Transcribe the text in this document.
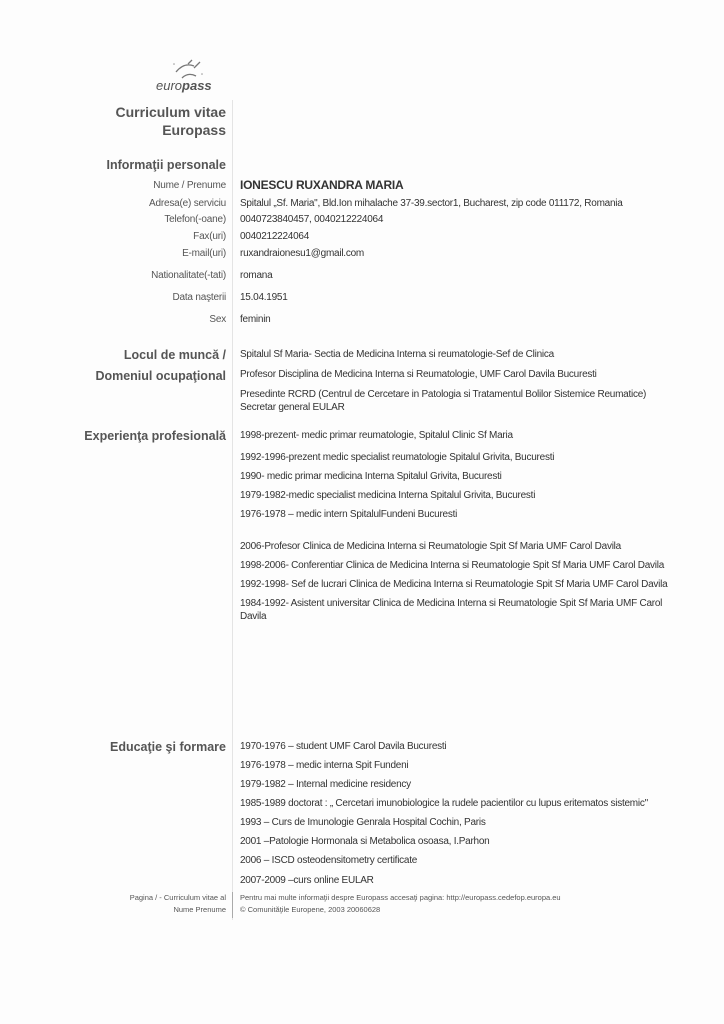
europass
Curriculum vitae
Europass
Informaţii personale
Nume / Prenume IONESCU RUXANDRA MARIA
Adresa(e) serviciu Spitalul „Sf. Maria", Bld.Ion mihalache 37-39.sector1, Bucharest, zip code 011172, Romania
Telefon(-oane) 0040723840457, 0040212224064
Fax(uri) 0040212224064
E-mail(uri) ruxandraionesu1@gmail.com
Nationalitate(-tati) romana
Data naşterii 15.04.1951
Sex feminin
Locul de muncă /
Domeniul ocupaţional
Spitalul Sf Maria- Sectia de Medicina Interna si reumatologie-Sef de Clinica
Profesor Disciplina de Medicina Interna si Reumatologie, UMF Carol Davila Bucuresti
Presedinte RCRD (Centrul de Cercetare in Patologia si Tratamentul Bolilor Sistemice Reumatice)
Secretar general EULAR
Experienţa profesională 1998-prezent- medic primar reumatologie, Spitalul Clinic Sf Maria
1992-1996-prezent medic specialist reumatologie Spitalul Grivita, Bucuresti
1990- medic primar medicina Interna Spitalul Grivita, Bucuresti
1979-1982-medic specialist medicina Interna Spitalul Grivita, Bucuresti
1976-1978 – medic intern SpitalulFundeni Bucuresti
2006-Profesor Clinica de Medicina Interna si Reumatologie Spit Sf Maria UMF Carol Davila
1998-2006- Conferentiar Clinica de Medicina Interna si Reumatologie Spit Sf Maria UMF Carol Davila
1992-1998- Sef de lucrari Clinica de Medicina Interna si Reumatologie Spit Sf Maria UMF Carol Davila
1984-1992- Asistent universitar Clinica de Medicina Interna si Reumatologie Spit Sf Maria UMF Carol
Davila
Educaţie şi formare 1970-1976 – student UMF Carol Davila Bucuresti
1976-1978 – medic interna Spit Fundeni
1979-1982 – Internal medicine residency
1985-1989 doctorat : „ Cercetari imunobiologice la rudele pacientilor cu lupus eritematos sistemic"
1993 – Curs de Imunologie Genrala Hospital Cochin, Paris
2001 –Patologie Hormonala si Metabolica osoasa, I.Parhon
2006 – ISCD osteodensitometry certificate
2007-2009 –curs online EULAR
Pagina / - Curriculum vitae al
Nume Prenume
Pentru mai multe informaţii despre Europass accesaţi pagina: http://europass.cedefop.europa.eu
© Comunităţile Europene, 2003 20060628
